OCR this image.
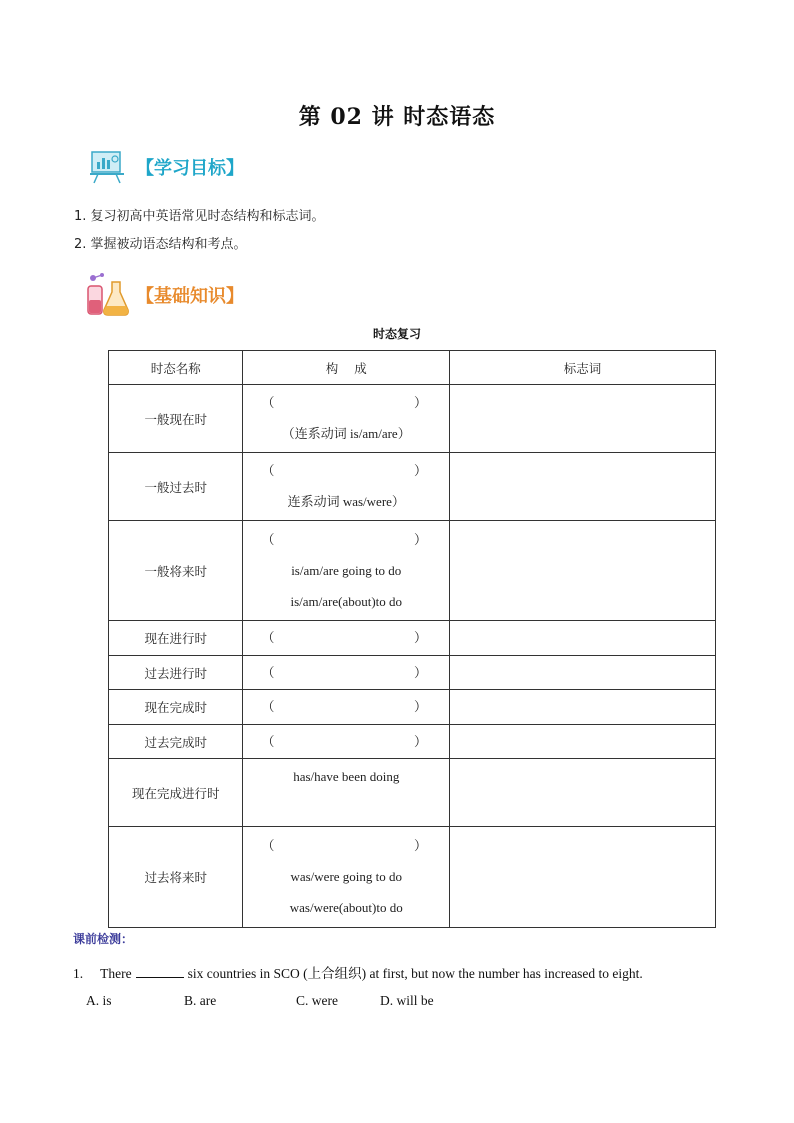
第 02 讲 时态语态
【学习目标】
1. 复习初高中英语常见时态结构和标志词。
2. 掌握被动语态结构和考点。
【基础知识】
时态复习
时态名称	构    成	标志词
一般现在时	（ ）
（连系动词 is/am/are）	

一般过去时	（ ）
连系动词 was/were）	

一般将来时	（ ）
is/am/are going to do
is/am/are(about)to do	

现在进行时	（ ）	

过去进行时	（ ）	

现在完成时	（ ）	

过去完成时	（ ）	

现在完成进行时	has/have been doing	

过去将来时	（ ）
was/were going to do
was/were(about)to do	

课前检测：
1. There	six countries in SCO (上合组织) at first, but now the number has increased to eight.
A. is	B. are	C. were	D. will be
